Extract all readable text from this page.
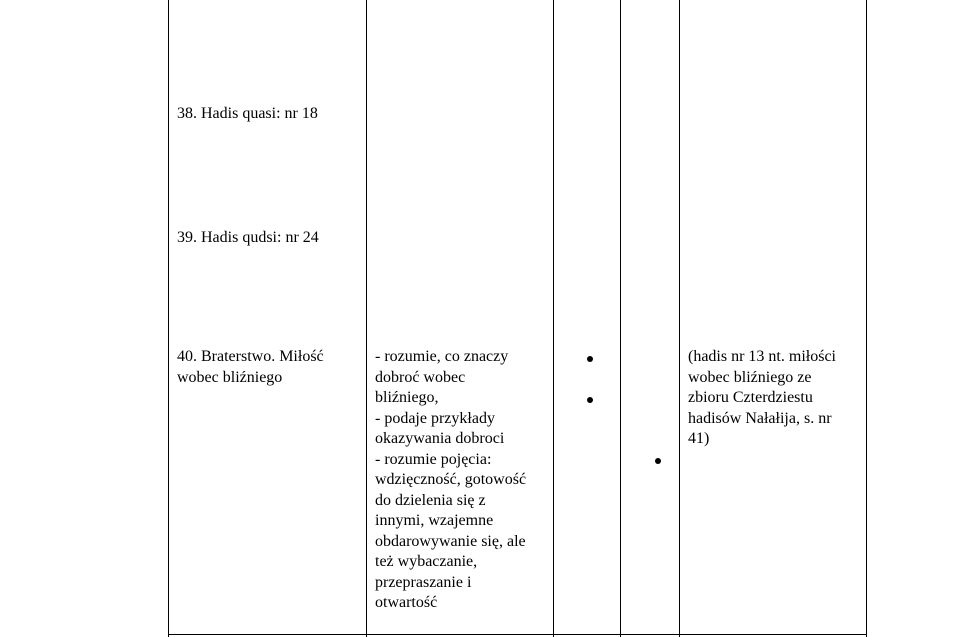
38. Hadis quasi: nr 18
39. Hadis qudsi: nr 24
40. Braterstwo. Miłość
wobec bliźniego
- rozumie, co znaczy
dobroć wobec
bliźniego,
- podaje przykłady
okazywania dobroci
- rozumie pojęcia:
wdzięczność, gotowość
do dzielenia się z
innymi, wzajemne
obdarowywanie się, ale
też wybaczanie,
przepraszanie i
otwartość
(hadis nr 13 nt. miłości
wobec bliźniego ze
zbioru Czterdziestu
hadisów Nałałija, s. nr
41)
